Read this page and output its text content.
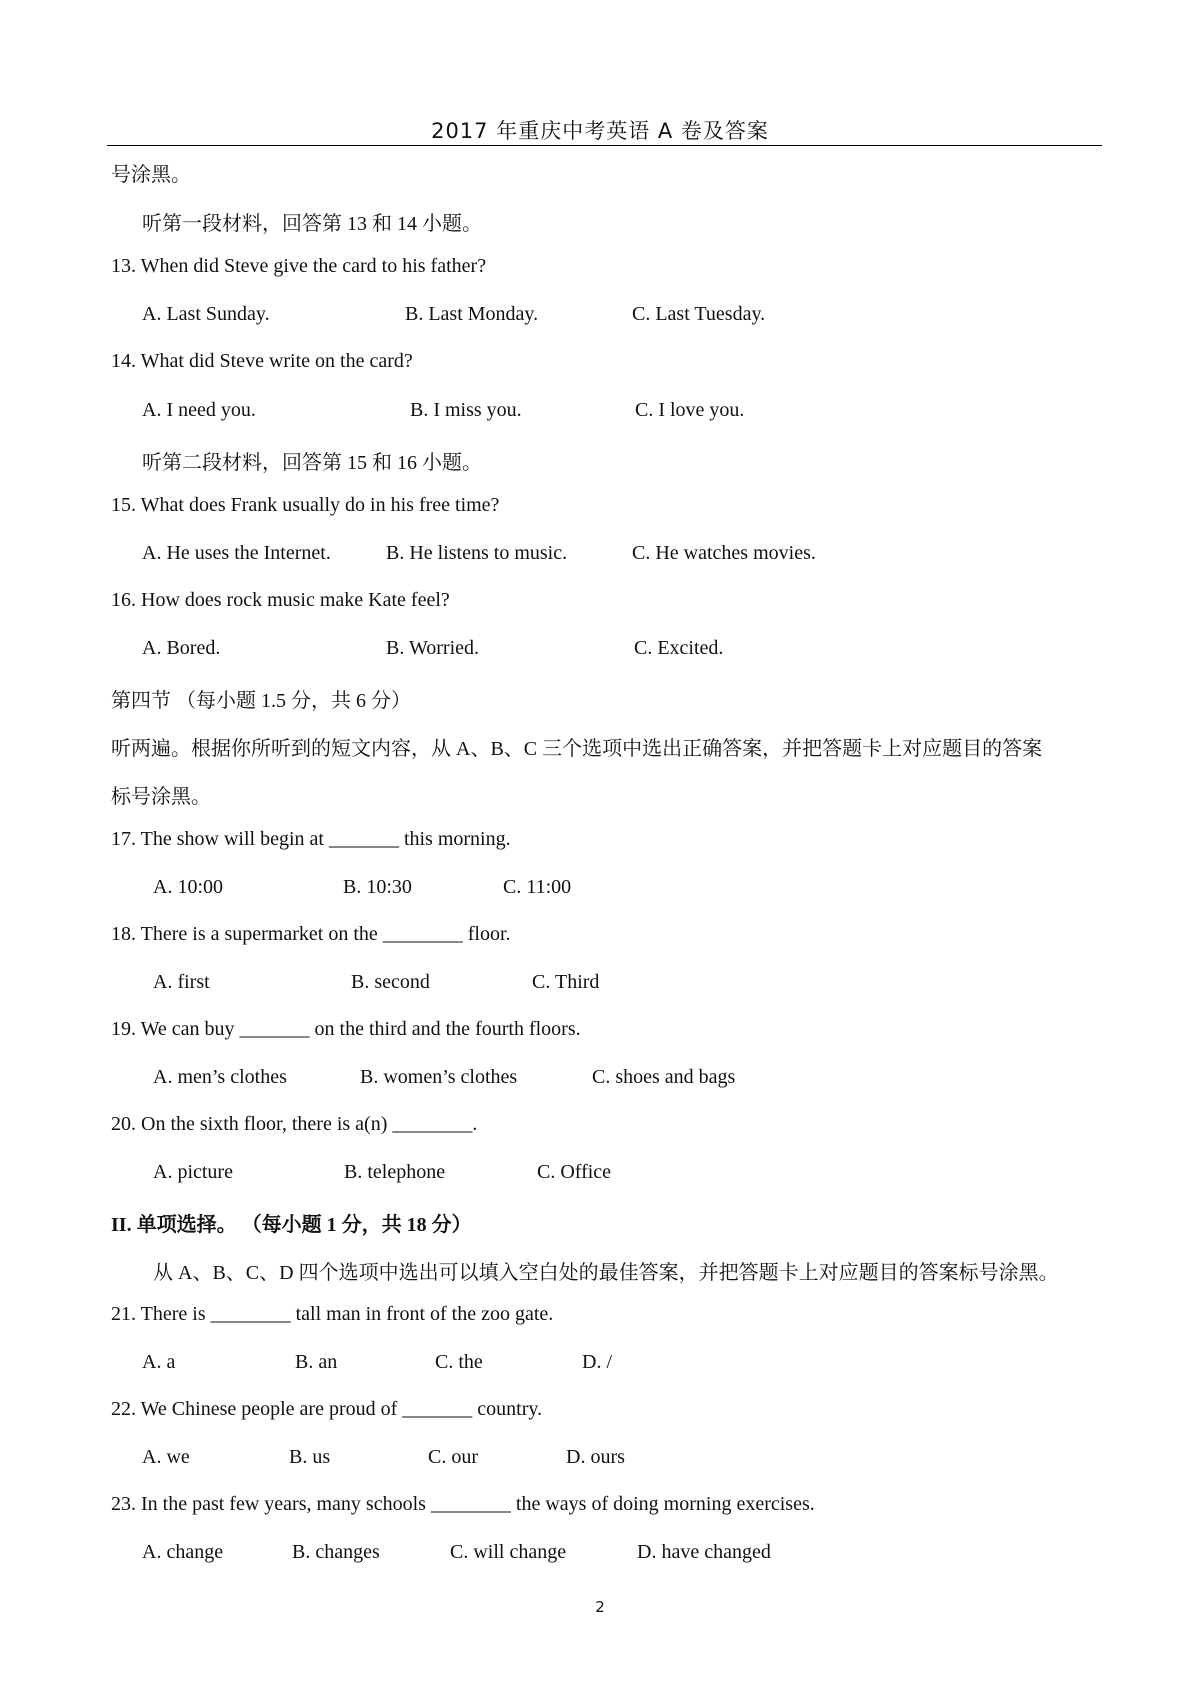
2017 年重庆中考英语 A 卷及答案
号涂黑。
听第一段材料，回答第 13 和 14 小题。
13. When did Steve give the card to his father?
A. Last Sunday.	B. Last Monday.	C. Last Tuesday.
14. What did Steve write on the card?
A. I need you.	B. I miss you.	C. I love you.
听第二段材料，回答第 15 和 16 小题。
15. What does Frank usually do in his free time?
A. He uses the Internet.	B. He listens to music.	C. He watches movies.
16. How does rock music make Kate feel?
A. Bored.	B. Worried.	C. Excited.
第四节 （每小题 1.5 分，共 6 分）
听两遍。根据你所听到的短文内容，从 A、B、C 三个选项中选出正确答案，并把答题卡上对应题目的答案
标号涂黑。
17. The show will begin at _______ this morning.
A. 10:00	B. 10:30	C. 11:00
18. There is a supermarket on the ________ floor.
A. first	B. second	C. Third
19. We can buy _______ on the third and the fourth floors.
A. men’s clothes	B. women’s clothes	C. shoes and bags
20. On the sixth floor, there is a(n) ________.
A. picture	B. telephone	C. Office
II. 单项选择。 （每小题 1 分，共 18 分）
从 A、B、C、D 四个选项中选出可以填入空白处的最佳答案，并把答题卡上对应题目的答案标号涂黑。
21. There is ________ tall man in front of the zoo gate.
A. a	B. an	C. the	D. /
22. We Chinese people are proud of _______ country.
A. we	B. us	C. our	D. ours
23. In the past few years, many schools ________ the ways of doing morning exercises.
A. change	B. changes	C. will change	D. have changed
2
